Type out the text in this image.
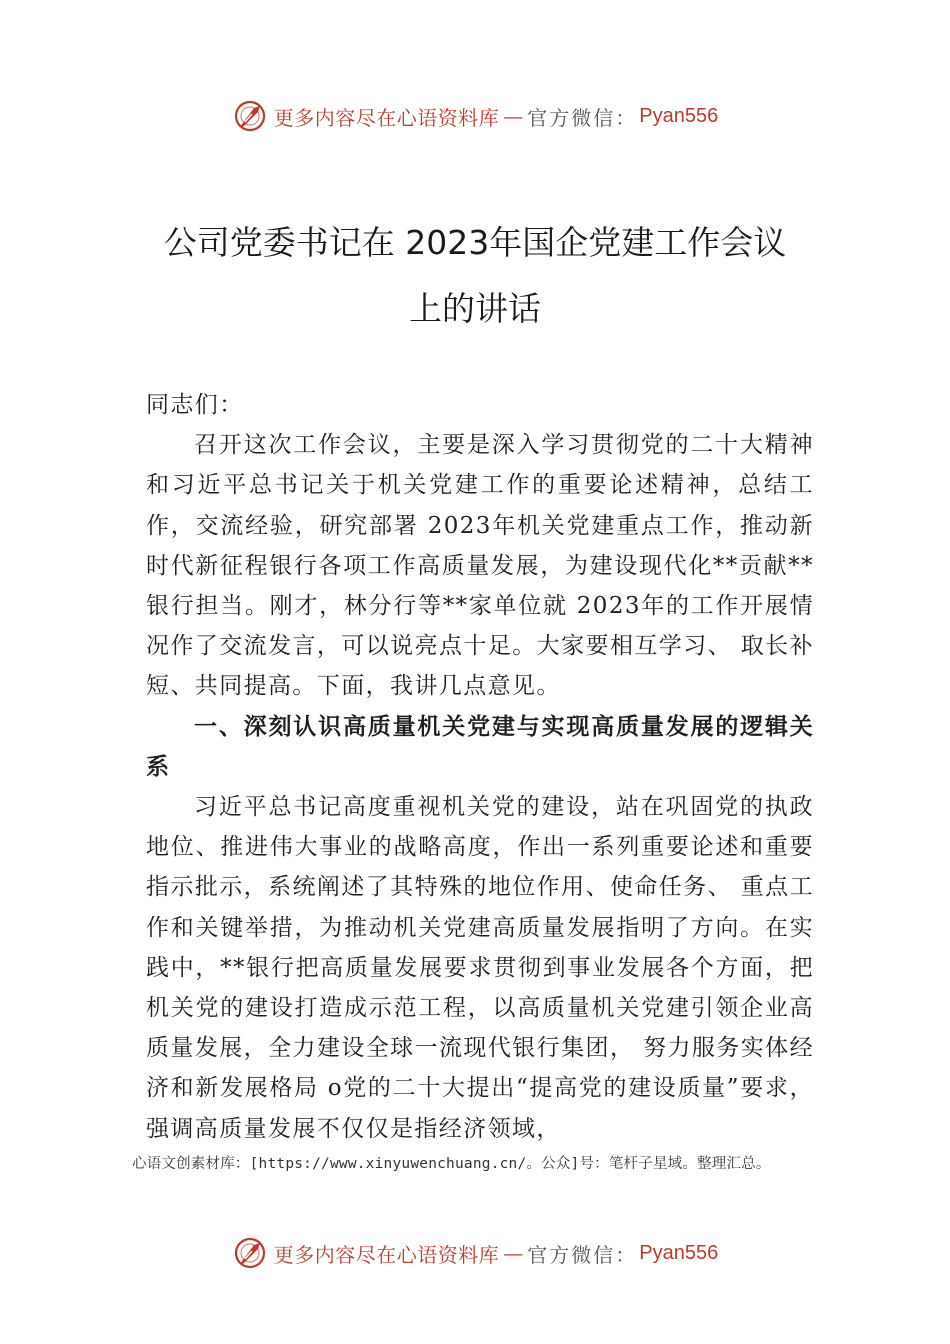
更多内容尽在心语资料库 — 官方微信： Pyan556
公司党委书记在 2023年国企党建工作会议
上的讲话

同志们：

召开这次工作会议，主要是深入学习贯彻党的二十大精神和习近平总书记关于机关党建工作的重要论述精神，总结工作，交流经验，研究部署 2023年机关党建重点工作，推动新时代新征程银行各项工作高质量发展，为建设现代化**贡献**银行担当。刚才，林分行等**家单位就 2023年的工作开展情况作了交流发言，可以说亮点十足。大家要相互学习、 取长补短、共同提高。下面，我讲几点意见。

一、深刻认识高质量机关党建与实现高质量发展的逻辑关系

习近平总书记高度重视机关党的建设，站在巩固党的执政地位、推进伟大事业的战略高度，作出一系列重要论述和重要指示批示，系统阐述了其特殊的地位作用、使命任务、 重点工作和关键举措，为推动机关党建高质量发展指明了方向。在实践中，**银行把高质量发展要求贯彻到事业发展各个方面，把机关党的建设打造成示范工程，以高质量机关党建引领企业高质量发展，全力建设全球一流现代银行集团， 努力服务实体经济和新发展格局 o党的二十大提出“提高党的建设质量”要求，强调高质量发展不仅仅是指经济领域，

心语文创素材库：[https://www.xinyuwenchuang.cn/。公众]号：笔杆子星域。整理汇总。
更多内容尽在心语资料库 — 官方微信： Pyan556
